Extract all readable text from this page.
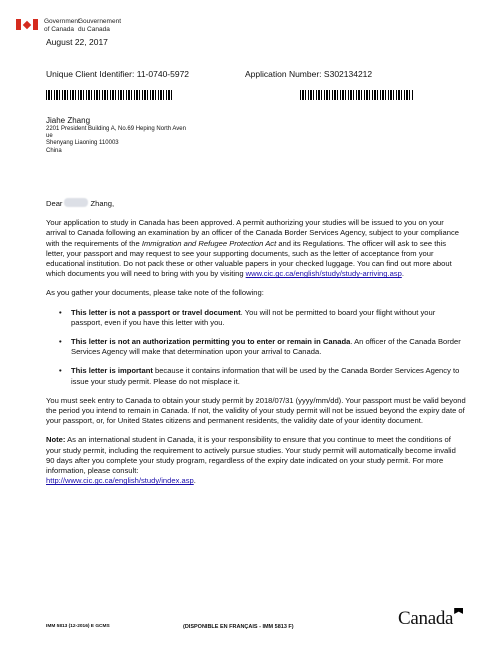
Government
of Canada
Gouvernement
du Canada
August 22, 2017
Unique Client Identifier: 11-0740-5972	Application Number: S302134212
Jiahe Zhang
2201 President Building A, No.69 Heping North Aven
ue
Shenyang Liaoning 110003
China

Dear	Zhang,

Your application to study in Canada has been approved. A permit authorizing your studies will be issued to you on your arrival to Canada following an examination by an officer of the Canada Border Services Agency, subject to your compliance with the requirements of the Immigration and Refugee Protection Act and its Regulations. The officer will ask to see this letter, your passport and may request to see your supporting documents, such as the letter of acceptance from your educational institution. Do not pack these or other valuable papers in your checked luggage. You can find out more about which documents you will need to bring with you by visiting www.cic.gc.ca/english/study/study-arriving.asp.

As you gather your documents, please take note of the following:

• This letter is not a passport or travel document. You will not be permitted to board your flight without your passport, even if you have this letter with you.
• This letter is not an authorization permitting you to enter or remain in Canada. An officer of the Canada Border Services Agency will make that determination upon your arrival to Canada.
• This letter is important because it contains information that will be used by the Canada Border Services Agency to issue your study permit. Please do not misplace it.

You must seek entry to Canada to obtain your study permit by 2018/07/31 (yyyy/mm/dd). Your passport must be valid beyond the period you intend to remain in Canada. If not, the validity of your study permit will not be issued beyond the expiry date of your passport, or, for United States citizens and permanent residents, the validity date of your identity document.

Note: As an international student in Canada, it is your responsibility to ensure that you continue to meet the conditions of your study permit, including the requirement to actively pursue studies. Your study permit will automatically become invalid 90 days after you complete your study program, regardless of the expiry date indicated on your study permit. For more information, please consult:
http://www.cic.gc.ca/english/study/index.asp.

IMM 5813 (12-2016) E GCMS	(DISPONIBLE EN FRANÇAIS - IMM 5813 F)	Canada
